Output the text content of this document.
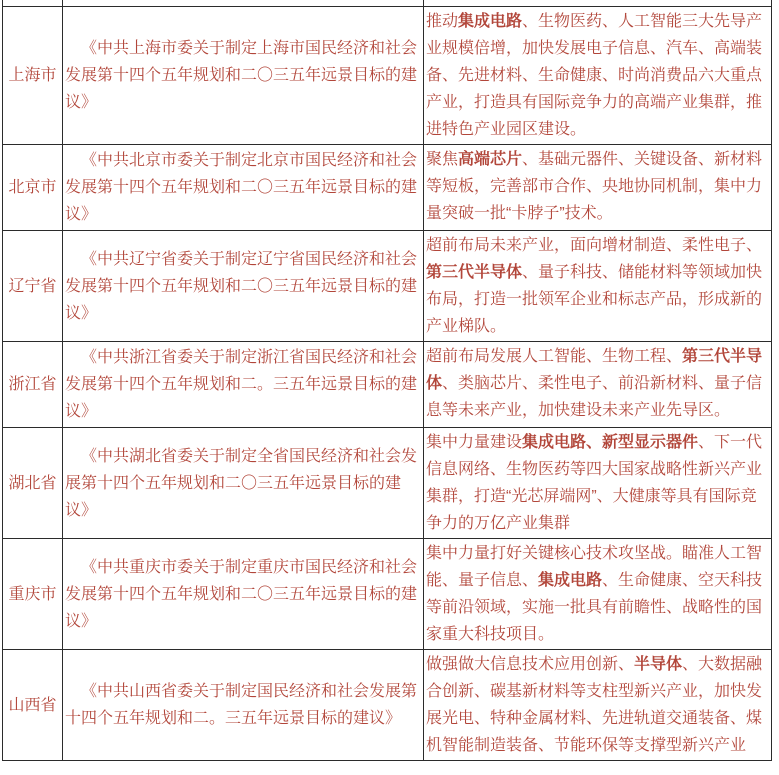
上海市	《中共上海市委关于制定上海市国民经济和社会发展第十四个五年规划和二〇三五年远景目标的建议》	推动集成电路、生物医药、人工智能三大先导产业规模倍增，加快发展电子信息、汽车、高端装备、先进材料、生命健康、时尚消费品六大重点产业，打造具有国际竞争力的高端产业集群，推进特色产业园区建设。
北京市	《中共北京市委关于制定北京市国民经济和社会发展第十四个五年规划和二〇三五年远景目标的建议》	聚焦高端芯片、基础元器件、关键设备、新材料等短板，完善部市合作、央地协同机制，集中力量突破一批“卡脖子”技术。
辽宁省	《中共辽宁省委关于制定辽宁省国民经济和社会发展第十四个五年规划和二〇三五年远景目标的建议》	超前布局未来产业，面向增材制造、柔性电子、第三代半导体、量子科技、储能材料等领域加快布局，打造一批领军企业和标志产品，形成新的产业梯队。
浙江省	《中共浙江省委关于制定浙江省国民经济和社会发展第十四个五年规划和二。三五年远景目标的建议》	超前布局发展人工智能、生物工程、第三代半导体、类脑芯片、柔性电子、前沿新材料、量子信息等未来产业，加快建设未来产业先导区。
湖北省	《中共湖北省委关于制定全省国民经济和社会发展第十四个五年规划和二〇三五年远景目标的建议》	集中力量建设集成电路、新型显示器件、下一代信息网络、生物医药等四大国家战略性新兴产业集群，打造“光芯屏端网”、大健康等具有国际竞争力的万亿产业集群
重庆市	《中共重庆市委关于制定重庆市国民经济和社会发展第十四个五年规划和二〇三五年远景目标的建议》	集中力量打好关键核心技术攻坚战。瞄准人工智能、量子信息、集成电路、生命健康、空天科技等前沿领域，实施一批具有前瞻性、战略性的国家重大科技项目。
山西省	《中共山西省委关于制定国民经济和社会发展第十四个五年规划和二。三五年远景目标的建议》	做强做大信息技术应用创新、半导体、大数据融合创新、碳基新材料等支柱型新兴产业，加快发展光电、特种金属材料、先进轨道交通装备、煤机智能制造装备、节能环保等支撑型新兴产业
